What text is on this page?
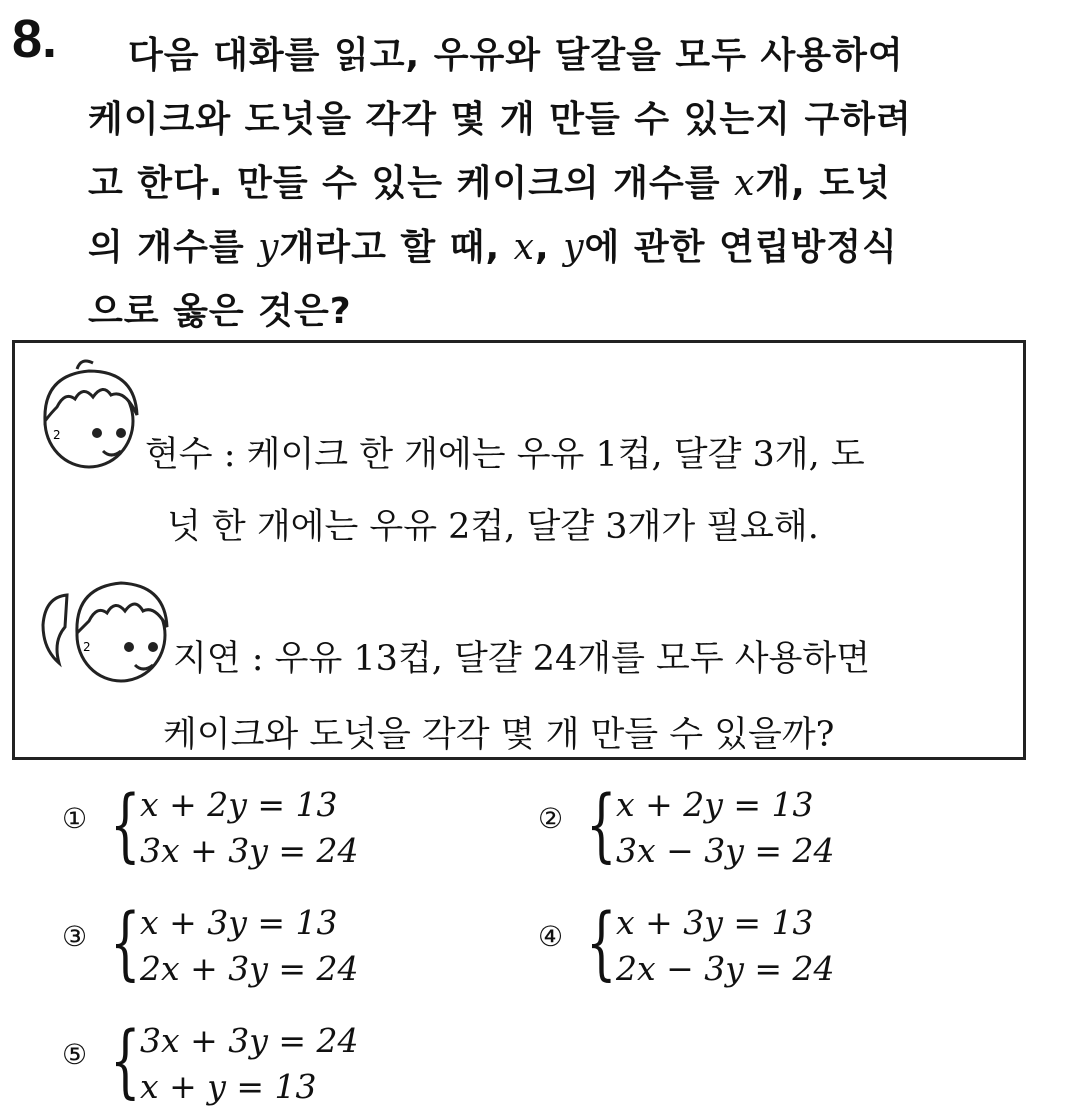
8.	다음 대화를 읽고, 우유와 달갈을 모두 사용하여
케이크와 도넛을 각각 몇 개 만들 수 있는지 구하려
고 한다. 만들 수 있는 케이크의 개수를 x개, 도넛
의 개수를 y개라고 할 때, x, y에 관한 연립방정식
으로 옳은 것은?
2 현수 : 케이크 한 개에는 우유 1컵, 달걀 3개, 도
넛 한 개에는 우유 2컵, 달걀 3개가 필요해.
2 지연 : 우유 13컵, 달걀 24개를 모두 사용하면
케이크와 도넛을 각각 몇 개 만들 수 있을까?
① { x + 2y = 13
3x + 3y = 24
② { x + 2y = 13
3x − 3y = 24
③ { x + 3y = 13
2x + 3y = 24
④ { x + 3y = 13
2x − 3y = 24
⑤ { 3x + 3y = 24
x + y = 13
